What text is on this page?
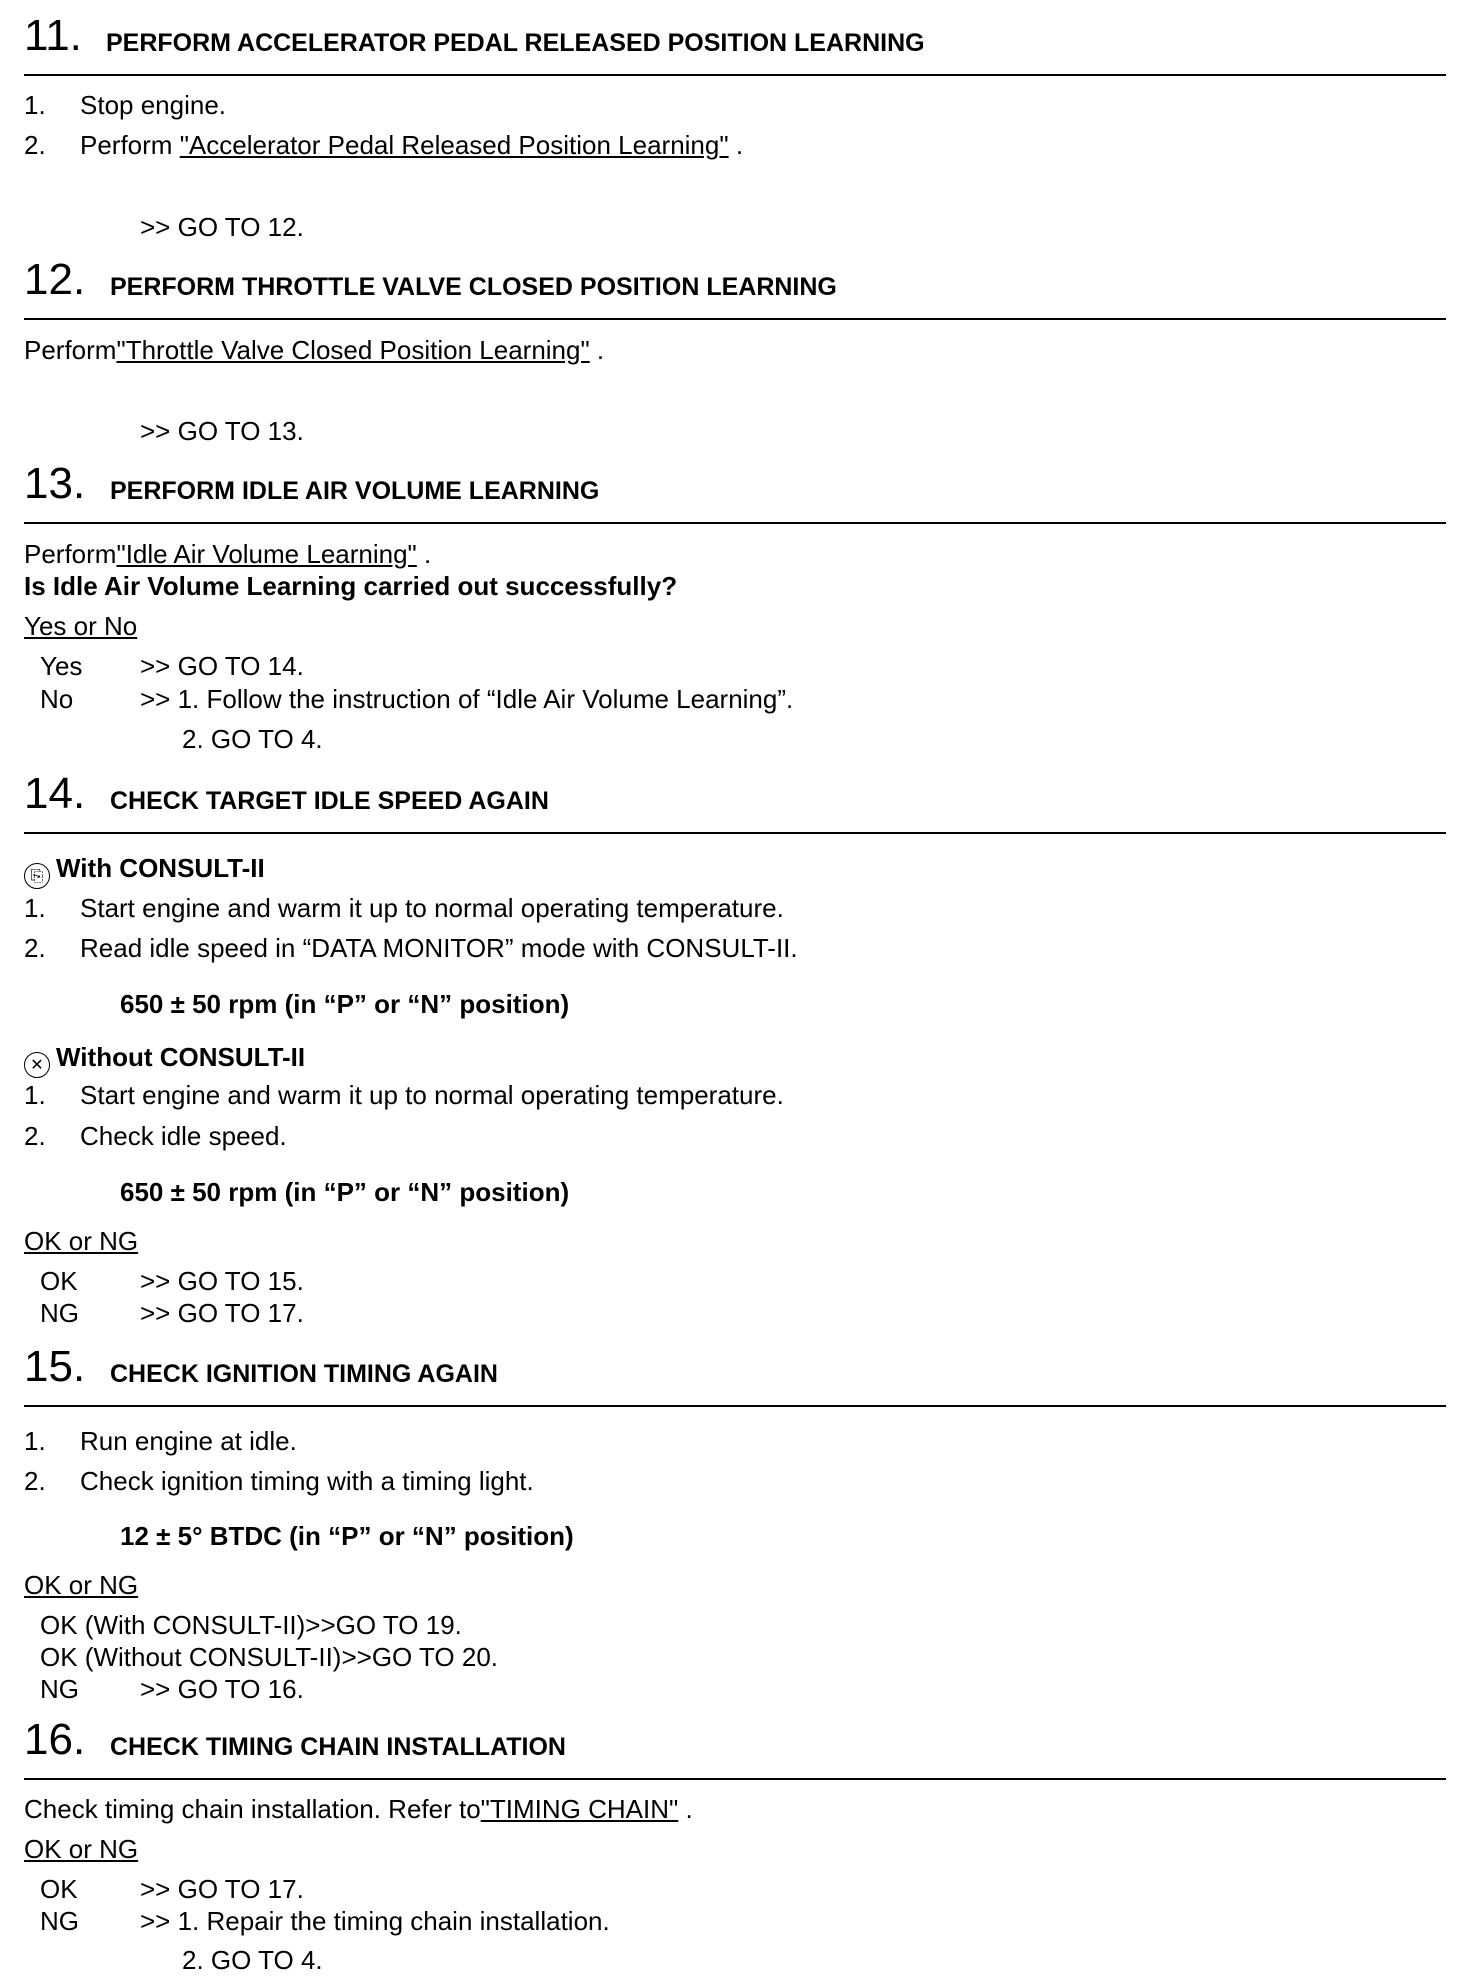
11. PERFORM ACCELERATOR PEDAL RELEASED POSITION LEARNING
1. Stop engine.
2. Perform "Accelerator Pedal Released Position Learning" .
>> GO TO 12.
12. PERFORM THROTTLE VALVE CLOSED POSITION LEARNING
Perform"Throttle Valve Closed Position Learning" .
>> GO TO 13.
13. PERFORM IDLE AIR VOLUME LEARNING
Perform"Idle Air Volume Learning" .
Is Idle Air Volume Learning carried out successfully?
Yes or No
Yes >> GO TO 14.
No	>> 1. Follow the instruction of “Idle Air Volume Learning”.
2. GO TO 4.
14. CHECK TARGET IDLE SPEED AGAIN
⎘ With CONSULT-II
1. Start engine and warm it up to normal operating temperature.
2. Read idle speed in “DATA MONITOR” mode with CONSULT-II.
650 ± 50 rpm (in “P” or “N” position)
✕ Without CONSULT-II
1. Start engine and warm it up to normal operating temperature.
2. Check idle speed.
650 ± 50 rpm (in “P” or “N” position)
OK or NG
OK >> GO TO 15.
NG >> GO TO 17.
15. CHECK IGNITION TIMING AGAIN
1. Run engine at idle.
2. Check ignition timing with a timing light.
12 ± 5° BTDC (in “P” or “N” position)
OK or NG
OK (With CONSULT-II)>>GO TO 19.
OK (Without CONSULT-II)>>GO TO 20.
NG >> GO TO 16.
16. CHECK TIMING CHAIN INSTALLATION
Check timing chain installation. Refer to"TIMING CHAIN" .
OK or NG
OK >> GO TO 17.
NG >> 1. Repair the timing chain installation.
2. GO TO 4.
